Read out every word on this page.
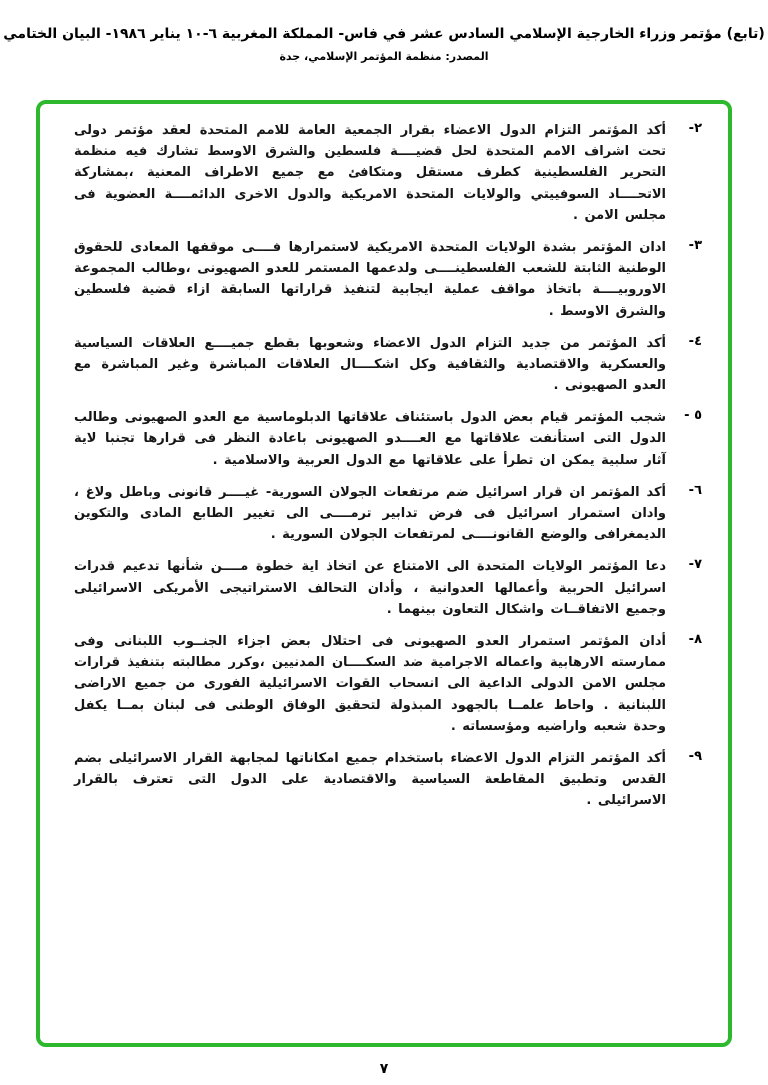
(تابع) مؤتمر وزراء الخارجية الإسلامي السادس عشر في فاس- المملكة المغربية ٦-١٠ يناير ١٩٨٦- البيان الختامي
المصدر: منظمة المؤتمر الإسلامي، جدة
٢-
أكد المؤتمر التزام الدول الاعضاء بقرار الجمعية العامة للامم المتحدة لعقد مؤتمر دولى تحت اشراف الامم المتحدة لحل قضيــــة فلسطين والشرق الاوسط تشارك فيه منظمة التحرير الفلسطينية كطرف مستقل ومتكافئ مع جميع الاطراف المعنية ،بمشاركة الاتحــــاد السوفييتي والولايات المتحدة الامريكية والدول الاخرى الدائمــــة العضوية فى مجلس الامن .
٣-
ادان المؤتمر بشدة الولايات المتحدة الامريكية لاستمرارها فــــى موقفها المعادى للحقوق الوطنية الثابتة للشعب الفلسطينــــى ولدعمها المستمر للعدو الصهيونى ،وطالب المجموعة الاوروبيــــة باتخاذ مواقف عملية ايجابية لتنفيذ قراراتها السابقة ازاء قضية فلسطين والشرق الاوسط .
٤-
أكد المؤتمر من جديد التزام الدول الاعضاء وشعوبها بقطع جميــــع العلاقات السياسية والعسكرية والاقتصادية والثقافية وكل اشكــــال العلاقات المباشرة وغير المباشرة مع العدو الصهيونى .
٥ -
شجب المؤتمر قيام بعض الدول باستئناف علاقاتها الدبلوماسية مع العدو الصهيونى وطالب الدول التى استأنفت علاقاتها مع العــــدو الصهيونى باعادة النظر فى قرارها تجنبا لاية آثار سلبية يمكن ان تطرأ على علاقاتها مع الدول العربية والاسلامية .
٦-
أكد المؤتمر ان قرار اسرائيل ضم مرتفعات الجولان السورية- غيــــر قانونى وباطل ولاغ ، وادان استمرار اسرائيل فى فرض تدابير ترمــــى الى تغيير الطابع المادى والتكوين الديمغرافى والوضع القانونــــى لمرتفعات الجولان السورية .
٧-
دعا المؤتمر الولايات المتحدة الى الامتناع عن اتخاذ اية خطوة مــــن شأنها تدعيم قدرات اسرائيل الحربية وأعمالها العدوانية ، وأدان التحالف الاستراتيجى الأمريكى الاسرائيلى وجميع الاتفاقــات واشكال التعاون بينهما .
٨-
أدان المؤتمر استمرار العدو الصهيونى فى احتلال بعض اجزاء الجنــوب اللبنانى وفى ممارسته الارهابية واعماله الاجرامية ضد السكــــان المدنيين ،وكرر مطالبته بتنفيذ قرارات مجلس الامن الدولى الداعية الى انسحاب القوات الاسرائيلية الفورى من جميع الاراضى اللبنانية . واحاط علمــا بالجهود المبذولة لتحقيق الوفاق الوطنى فى لبنان بمــا يكفل وحدة شعبه واراضيه ومؤسساته .
٩-
أكد المؤتمر التزام الدول الاعضاء باستخدام جميع امكاناتها لمجابهة القرار الاسرائيلى بضم القدس وتطبيق المقاطعة السياسية والاقتصادية على الدول التى تعترف بالقرار الاسرائيلى .
٧
